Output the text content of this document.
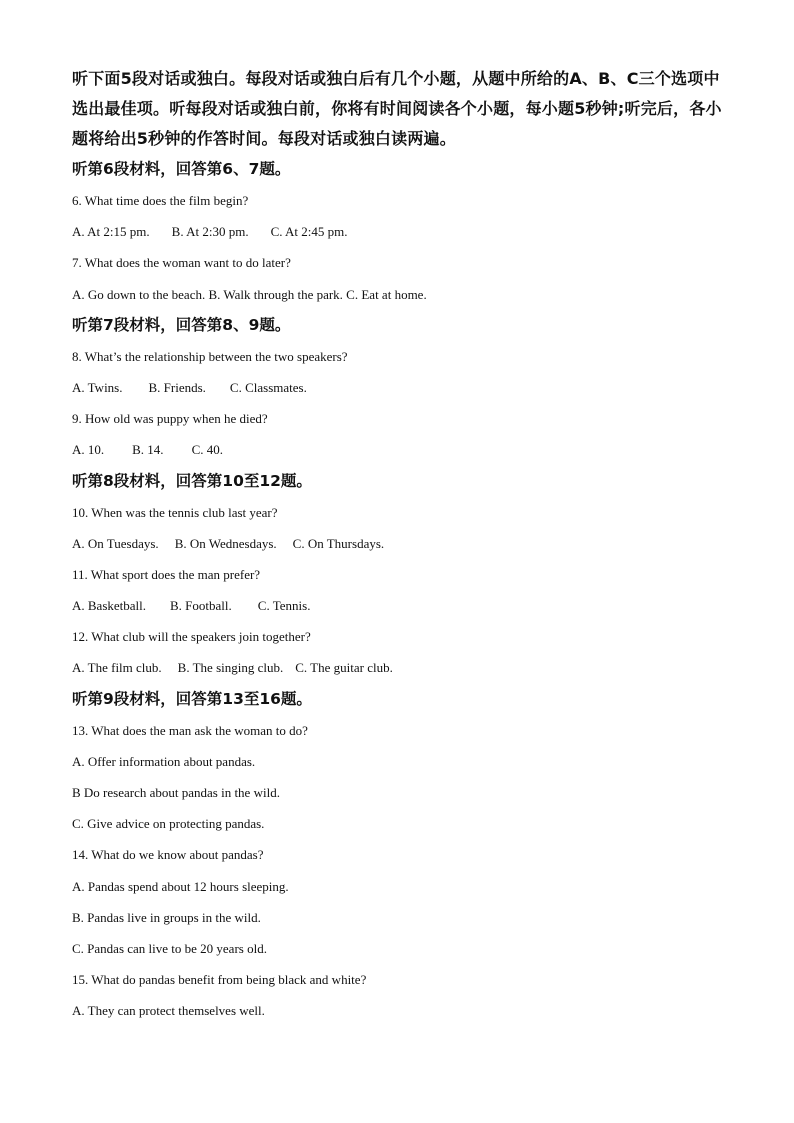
听下面5段对话或独白。每段对话或独白后有几个小题，从题中所给的A、B、C三个选项中选出最佳项。听每段对话或独白前，你将有时间阅读各个小题，每小题5秒钟;听完后，各小题将给出5秒钟的作答时间。每段对话或独白读两遍。

听第6段材料，回答第6、7题。

6. What time does the film begin?

A. At 2:15 pm. B. At 2:30 pm. C. At 2:45 pm.

7. What does the woman want to do later?

A. Go down to the beach. B. Walk through the park. C. Eat at home.

听第7段材料，回答第8、9题。

8. What’s the relationship between the two speakers?

A. Twins. B. Friends. C. Classmates.

9. How old was puppy when he died?

A. 10. B. 14. C. 40.

听第8段材料，回答第10至12题。

10. When was the tennis club last year?

A. On Tuesdays. B. On Wednesdays. C. On Thursdays.

11. What sport does the man prefer?

A. Basketball. B. Football. C. Tennis.

12. What club will the speakers join together?

A. The film club. B. The singing club. C. The guitar club.

听第9段材料，回答第13至16题。

13. What does the man ask the woman to do?

A. Offer information about pandas.

B Do research about pandas in the wild.

C. Give advice on protecting pandas.

14. What do we know about pandas?

A. Pandas spend about 12 hours sleeping.

B. Pandas live in groups in the wild.

C. Pandas can live to be 20 years old.

15. What do pandas benefit from being black and white?

A. They can protect themselves well.
